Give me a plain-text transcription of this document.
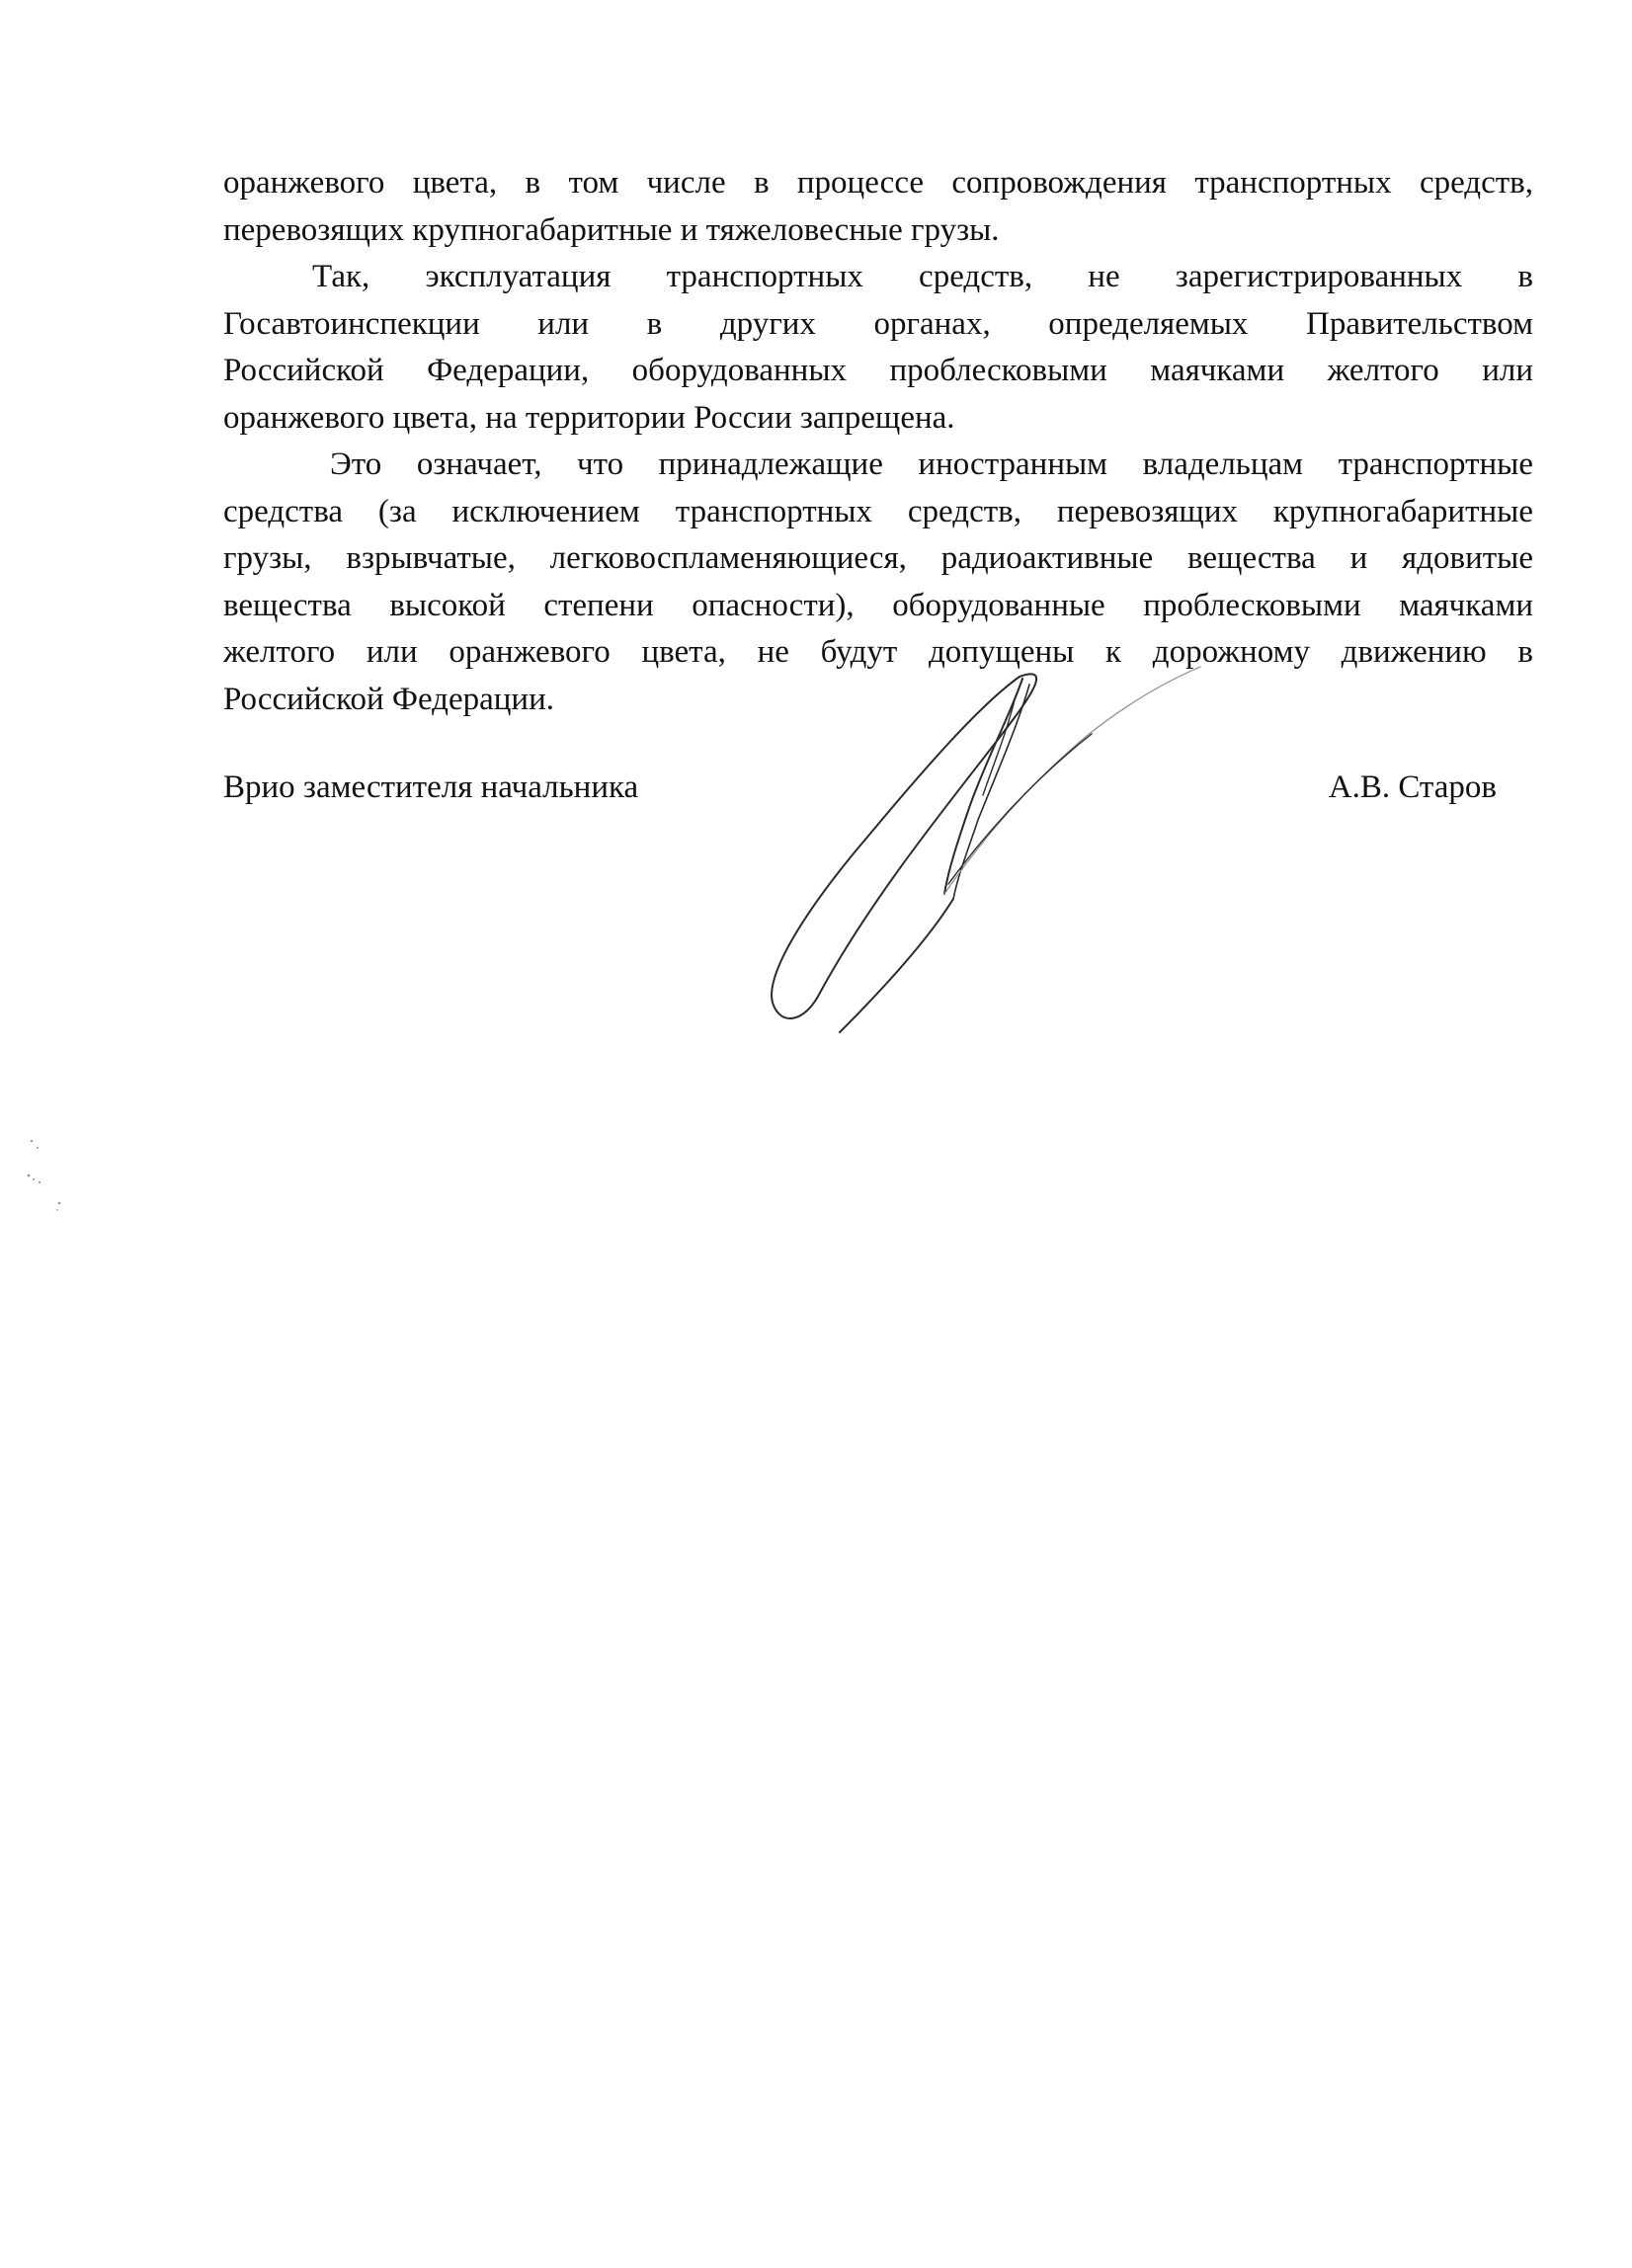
оранжевого цвета, в том числе в процессе сопровождения транспортных средств,
перевозящих крупногабаритные и тяжеловесные грузы.

Так, эксплуатация транспортных средств, не зарегистрированных в
Госавтоинспекции или в других органах, определяемых Правительством
Российской Федерации, оборудованных проблесковыми маячками желтого или
оранжевого цвета, на территории России запрещена.

Это означает, что принадлежащие иностранным владельцам транспортные
средства (за исключением транспортных средств, перевозящих крупногабаритные
грузы, взрывчатые, легковоспламеняющиеся, радиоактивные вещества и ядовитые
вещества высокой степени опасности), оборудованные проблесковыми маячками
желтого или оранжевого цвета, не будут допущены к дорожному движению в
Российской Федерации.

Врио заместителя начальника	А.В. Старов
